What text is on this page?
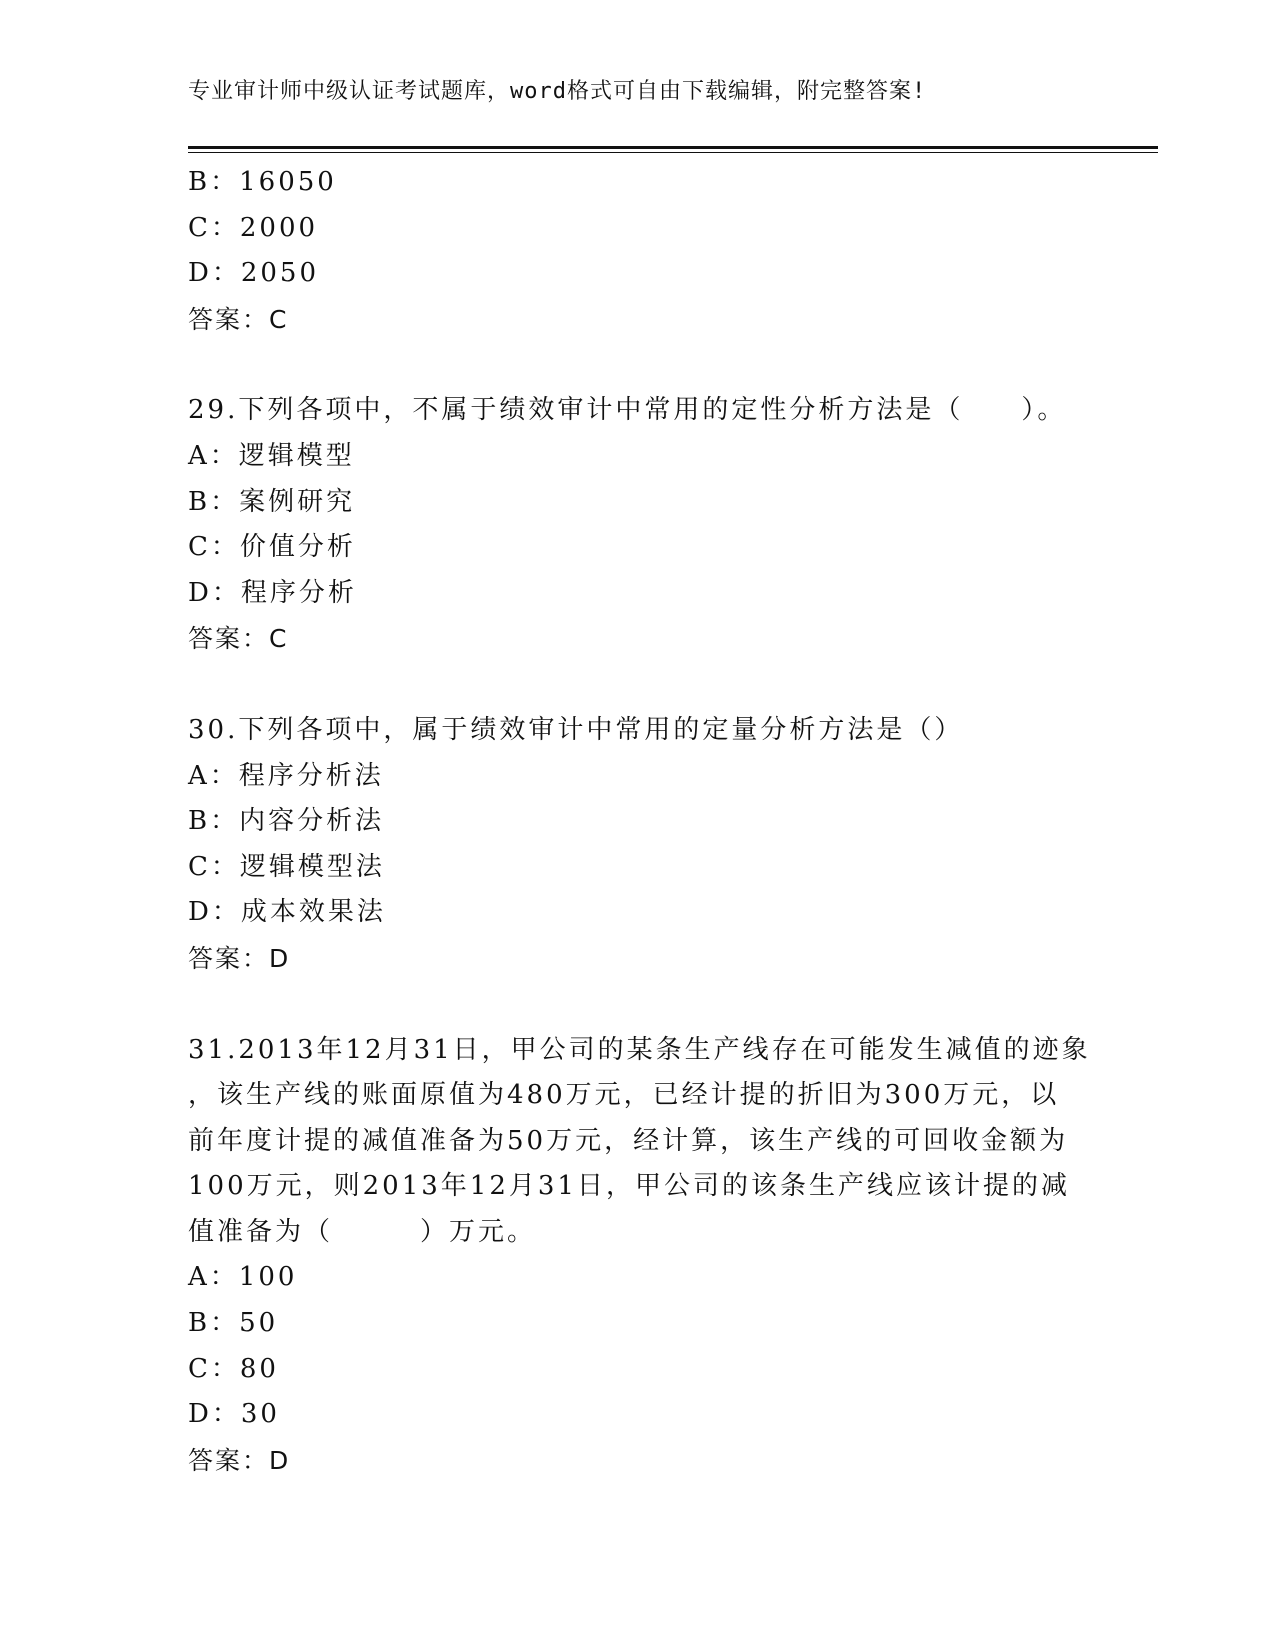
专业审计师中级认证考试题库，word格式可自由下载编辑，附完整答案!
B：16050
C：2000
D：2050
答案：C
29.下列各项中，不属于绩效审计中常用的定性分析方法是（　　）。
A：逻辑模型
B：案例研究
C：价值分析
D：程序分析
答案：C
30.下列各项中，属于绩效审计中常用的定量分析方法是（）
A：程序分析法
B：内容分析法
C：逻辑模型法
D：成本效果法
答案：D
31.2013年12月31日，甲公司的某条生产线存在可能发生减值的迹象
，该生产线的账面原值为480万元，已经计提的折旧为300万元，以
前年度计提的减值准备为50万元，经计算，该生产线的可回收金额为
100万元，则2013年12月31日，甲公司的该条生产线应该计提的减
值准备为（　　　）万元。
A：100
B：50
C：80
D：30
答案：D
